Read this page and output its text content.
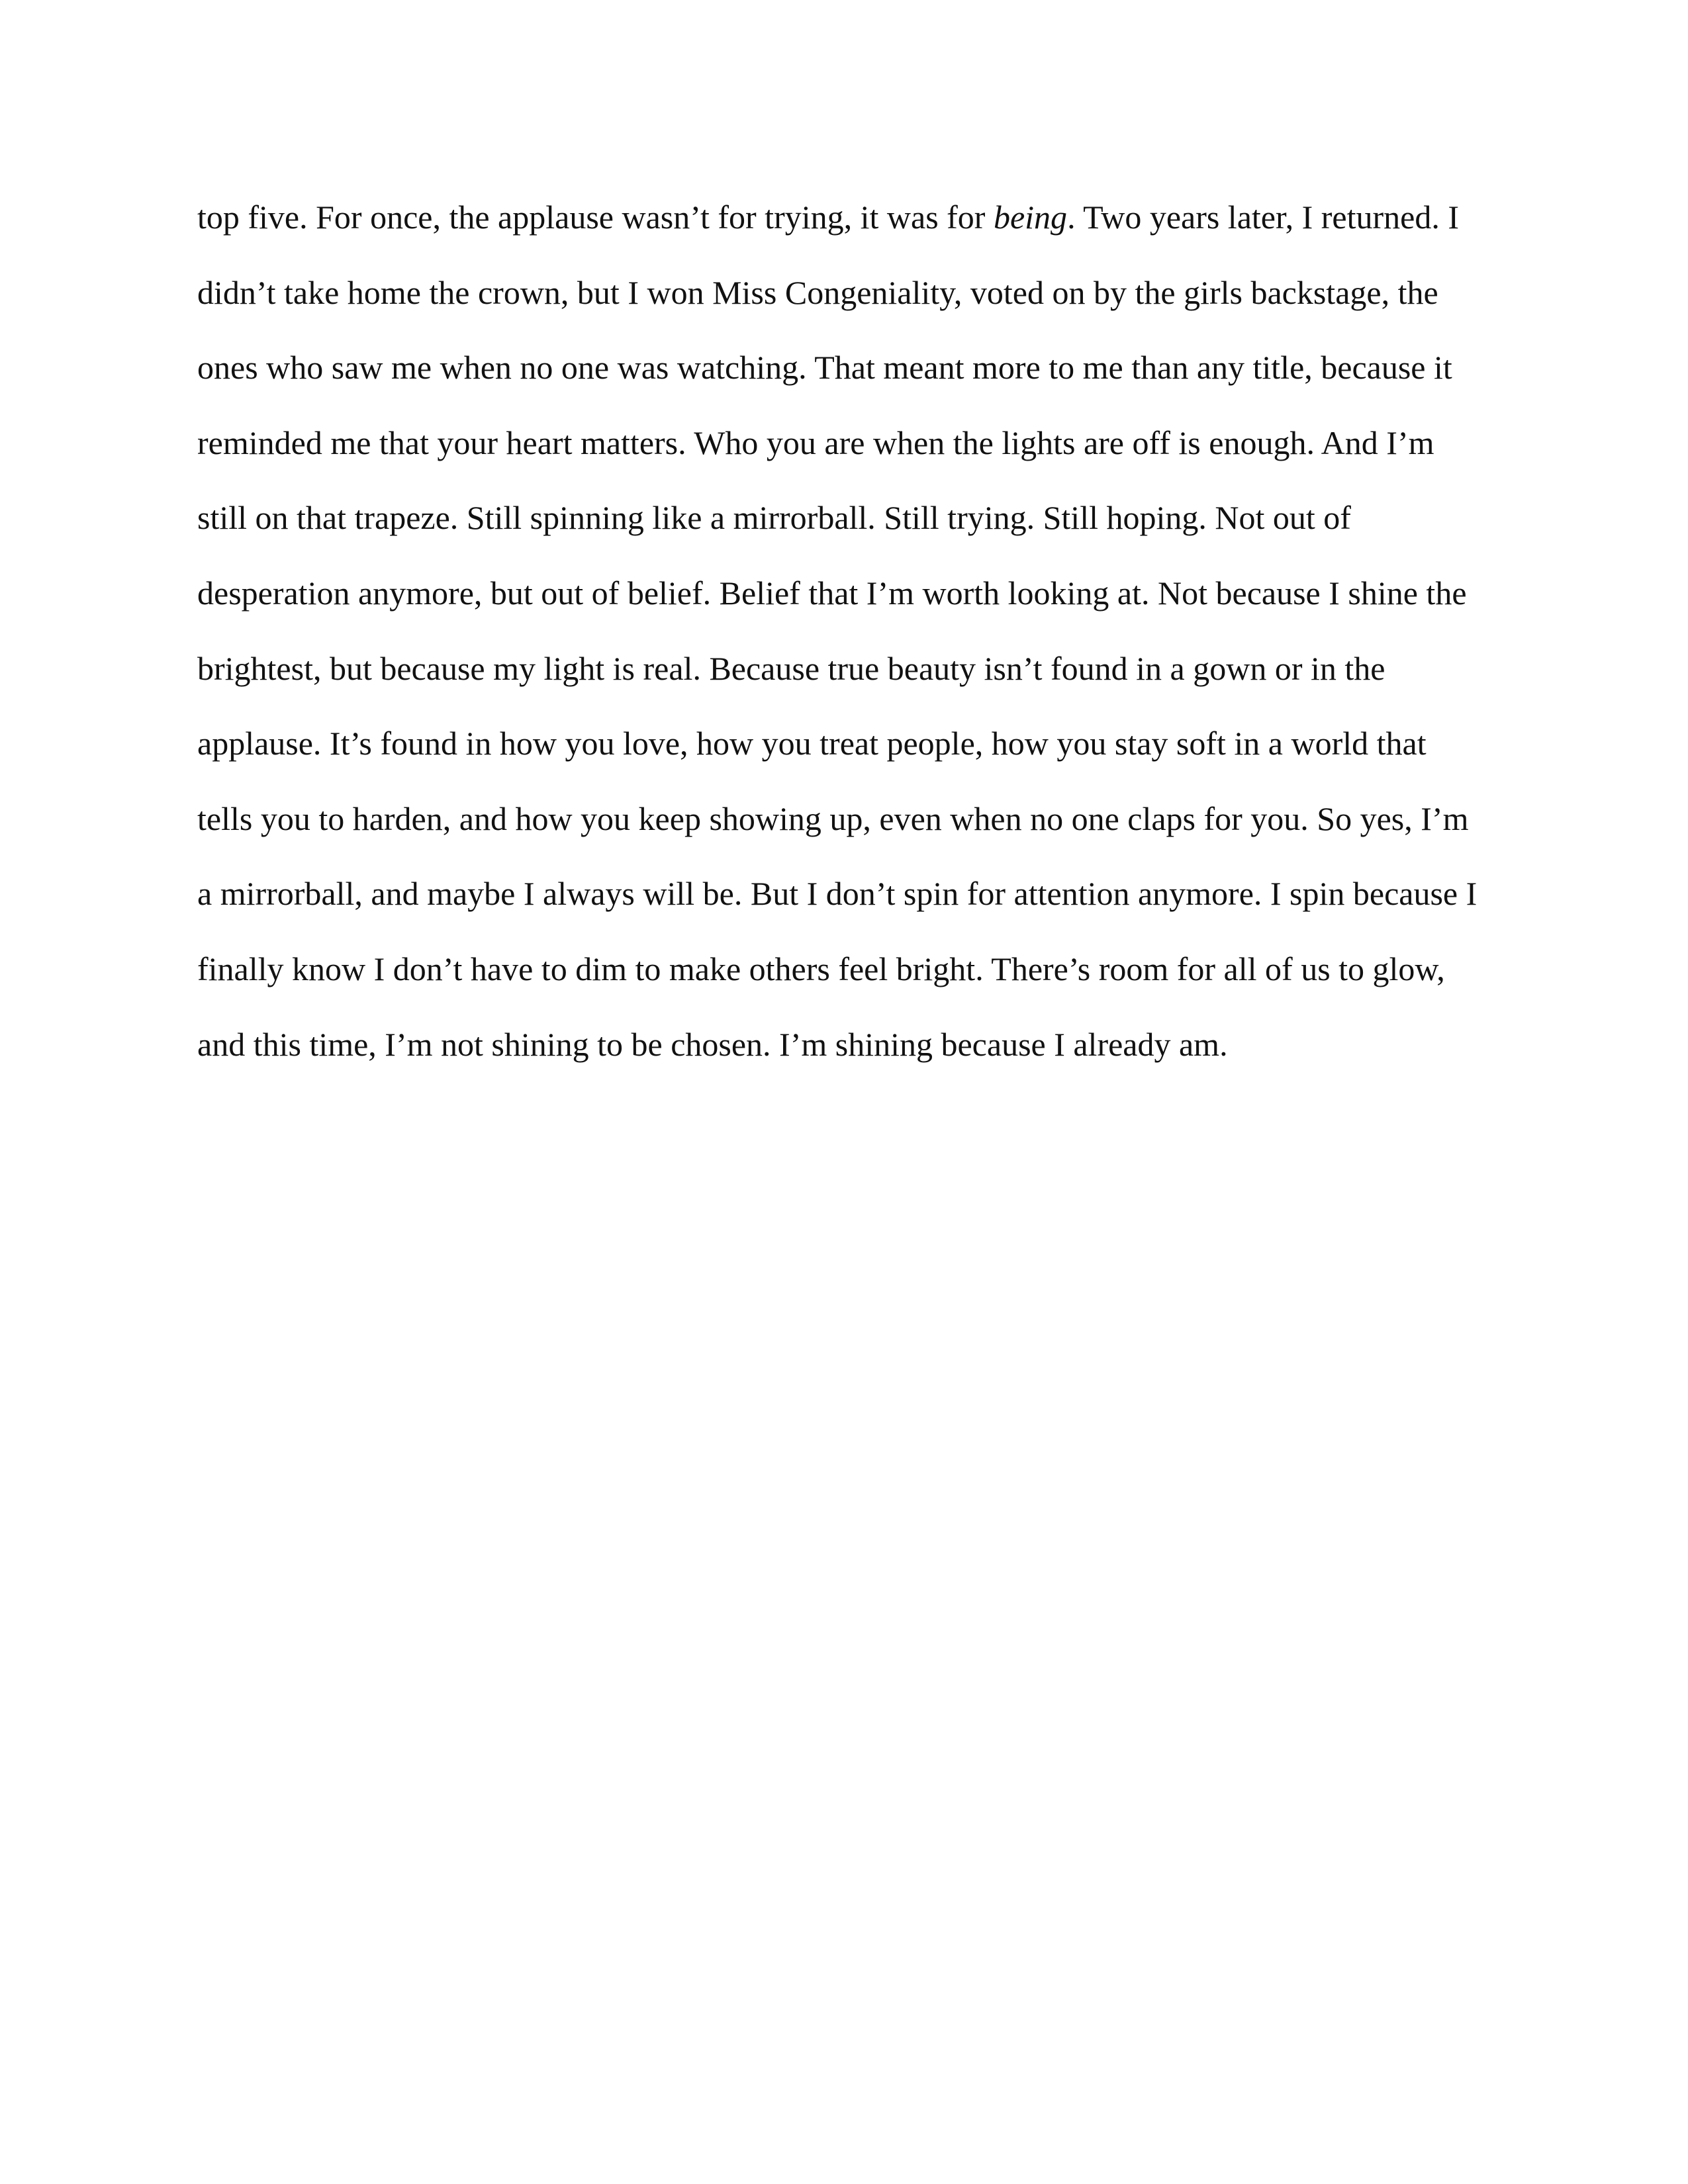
top five. For once, the applause wasn’t for trying, it was for being. Two years later, I returned. I
didn’t take home the crown, but I won Miss Congeniality, voted on by the girls backstage, the
ones who saw me when no one was watching. That meant more to me than any title, because it
reminded me that your heart matters. Who you are when the lights are off is enough. And I’m
still on that trapeze. Still spinning like a mirrorball. Still trying. Still hoping. Not out of
desperation anymore, but out of belief. Belief that I’m worth looking at. Not because I shine the
brightest, but because my light is real. Because true beauty isn’t found in a gown or in the
applause. It’s found in how you love, how you treat people, how you stay soft in a world that
tells you to harden, and how you keep showing up, even when no one claps for you. So yes, I’m
a mirrorball, and maybe I always will be. But I don’t spin for attention anymore. I spin because I
finally know I don’t have to dim to make others feel bright. There’s room for all of us to glow,
and this time, I’m not shining to be chosen. I’m shining because I already am.
